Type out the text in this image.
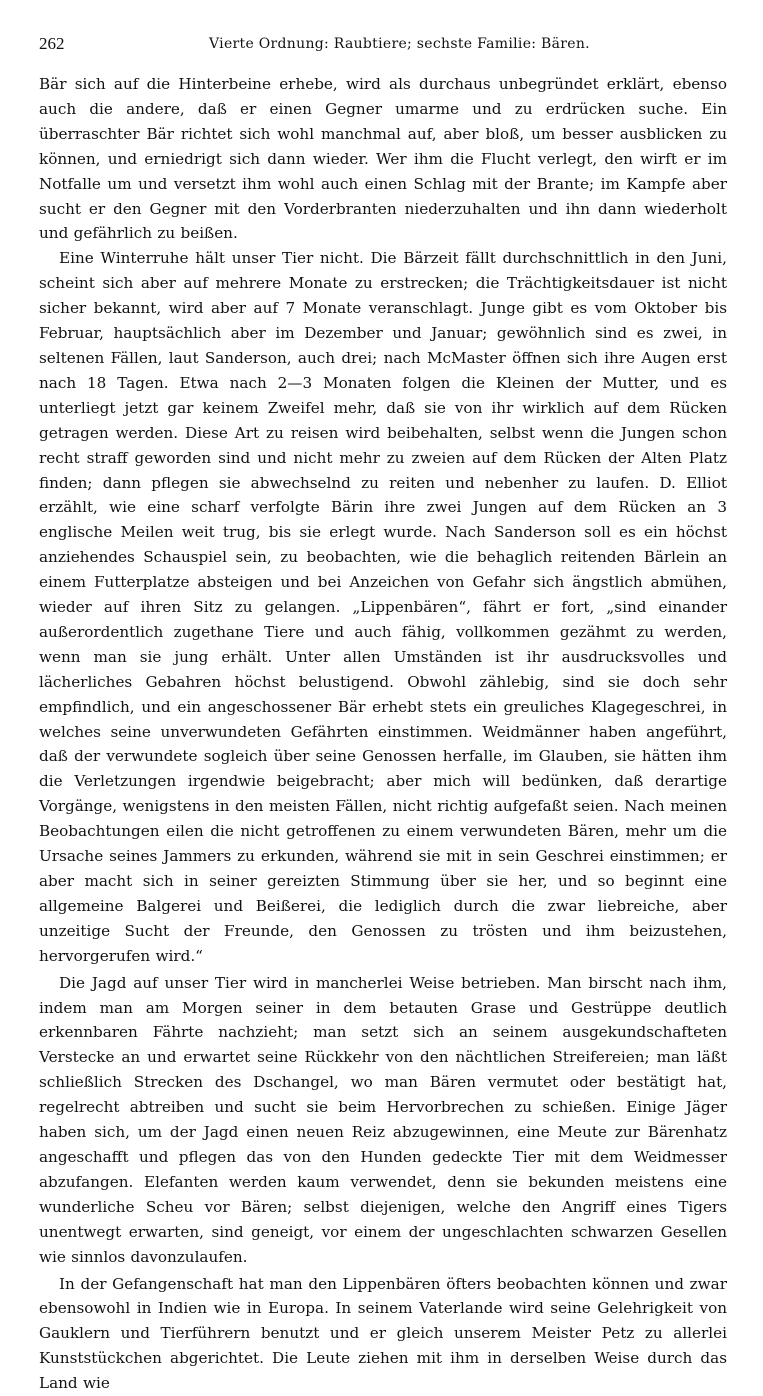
262	Vierte Ordnung: Raubtiere; sechste Familie: Bären.

Bär sich auf die Hinterbeine erhebe, wird als durchaus unbegründet erklärt, ebenso auch die andere, daß er einen Gegner umarme und zu erdrücken suche. Ein überraschter Bär richtet sich wohl manchmal auf, aber bloß, um besser ausblicken zu können, und erniedrigt sich dann wieder. Wer ihm die Flucht verlegt, den wirft er im Notfalle um und versetzt ihm wohl auch einen Schlag mit der Brante; im Kampfe aber sucht er den Gegner mit den Vorderbranten niederzuhalten und ihn dann wiederholt und gefährlich zu beißen.

Eine Winterruhe hält unser Tier nicht. Die Bärzeit fällt durchschnittlich in den Juni, scheint sich aber auf mehrere Monate zu erstrecken; die Trächtigkeitsdauer ist nicht sicher bekannt, wird aber auf 7 Monate veranschlagt. Junge gibt es vom Oktober bis Februar, hauptsächlich aber im Dezember und Januar; gewöhnlich sind es zwei, in seltenen Fällen, laut Sanderson, auch drei; nach McMaster öffnen sich ihre Augen erst nach 18 Tagen. Etwa nach 2—3 Monaten folgen die Kleinen der Mutter, und es unterliegt jetzt gar keinem Zweifel mehr, daß sie von ihr wirklich auf dem Rücken getragen werden. Diese Art zu reisen wird beibehalten, selbst wenn die Jungen schon recht straff geworden sind und nicht mehr zu zweien auf dem Rücken der Alten Platz finden; dann pflegen sie abwechselnd zu reiten und nebenher zu laufen. D. Elliot erzählt, wie eine scharf verfolgte Bärin ihre zwei Jungen auf dem Rücken an 3 englische Meilen weit trug, bis sie erlegt wurde. Nach Sanderson soll es ein höchst anziehendes Schauspiel sein, zu beobachten, wie die behaglich reitenden Bärlein an einem Futterplatze absteigen und bei Anzeichen von Gefahr sich ängstlich abmühen, wieder auf ihren Sitz zu gelangen. „Lippenbären“, fährt er fort, „sind einander außerordentlich zugethane Tiere und auch fähig, vollkommen gezähmt zu werden, wenn man sie jung erhält. Unter allen Umständen ist ihr ausdrucksvolles und lächerliches Gebahren höchst belustigend. Obwohl zählebig, sind sie doch sehr empfindlich, und ein angeschossener Bär erhebt stets ein greuliches Klagegeschrei, in welches seine unverwundeten Gefährten einstimmen. Weidmänner haben angeführt, daß der verwundete sogleich über seine Genossen herfalle, im Glauben, sie hätten ihm die Verletzungen irgendwie beigebracht; aber mich will bedünken, daß derartige Vorgänge, wenigstens in den meisten Fällen, nicht richtig aufgefaßt seien. Nach meinen Beobachtungen eilen die nicht getroffenen zu einem verwundeten Bären, mehr um die Ursache seines Jammers zu erkunden, während sie mit in sein Geschrei einstimmen; er aber macht sich in seiner gereizten Stimmung über sie her, und so beginnt eine allgemeine Balgerei und Beißerei, die lediglich durch die zwar liebreiche, aber unzeitige Sucht der Freunde, den Genossen zu trösten und ihm beizustehen, hervorgerufen wird.“

Die Jagd auf unser Tier wird in mancherlei Weise betrieben. Man birscht nach ihm, indem man am Morgen seiner in dem betauten Grase und Gestrüppe deutlich erkennbaren Fährte nachzieht; man setzt sich an seinem ausgekundschafteten Verstecke an und erwartet seine Rückkehr von den nächtlichen Streifereien; man läßt schließlich Strecken des Dschangel, wo man Bären vermutet oder bestätigt hat, regelrecht abtreiben und sucht sie beim Hervorbrechen zu schießen. Einige Jäger haben sich, um der Jagd einen neuen Reiz abzugewinnen, eine Meute zur Bärenhatz angeschafft und pflegen das von den Hunden gedeckte Tier mit dem Weidmesser abzufangen. Elefanten werden kaum verwendet, denn sie bekunden meistens eine wunderliche Scheu vor Bären; selbst diejenigen, welche den Angriff eines Tigers unentwegt erwarten, sind geneigt, vor einem der ungeschlachten schwarzen Gesellen wie sinnlos davonzulaufen.

In der Gefangenschaft hat man den Lippenbären öfters beobachten können und zwar ebensowohl in Indien wie in Europa. In seinem Vaterlande wird seine Gelehrigkeit von Gauklern und Tierführern benutzt und er gleich unserem Meister Petz zu allerlei Kunststückchen abgerichtet. Die Leute ziehen mit ihm in derselben Weise durch das Land wie
